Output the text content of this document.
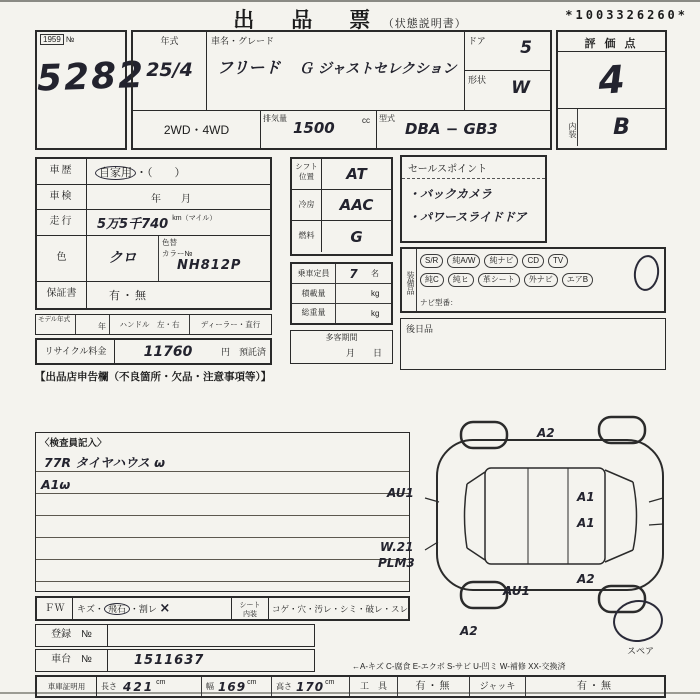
出　品　票 （状態説明書）
*1003326260*
1959 №
5282
年式
25/4
車名・グレード
フリード Ｇ ジャストセレクション
ドア 5
形状 W
2WD・4WD
排気量
1500	cc 型式
DBA − GB3
評 価 点
4
内装	B
車歴	自家用 ・（　　）
車検	年　　月
走行	5万5千740 km（マイル）
色	クロ
色替
カラー№
NH812P
保証書	有・無
シフト
位置	AT
冷房	AAC
燃料	G
セールスポイント
・バックカメラ
・パワースライドドア
装備品
S/R	純A/W	純ナビ	CD	TV
純C	純ヒ	革シート	外ナビ	エアB
ナビ型番：
乗車定員	7	名
積載量	kg
総重量	kg
多客期間
月　　日
後日品
モデル年式
年	ハンドル　左・右	ディーラー・直行
リサイクル料金	11760	円　預託済
【出品店申告欄（不良箇所・欠品・注意事項等）】
〈検査員記入〉
77R タイヤハウス ω
A1ω
A2
AU1	A1
A1
W.21
PLM3
AU1
A2
A2
スペア
ＦＷ	キズ・ 飛石 ・割レ ×	シート
内装
コゲ・穴・汚レ・シミ・破レ・スレ
登録　№
車台　№	1511637	←A-キズ C-腐食 E-エクボ S-サビ U-凹ミ W-補修 XX-交換済
車庫証明用	長さ 421 cm	幅 169 cm 高さ 170 cm	工　具	有・無	ジャッキ	有・無
